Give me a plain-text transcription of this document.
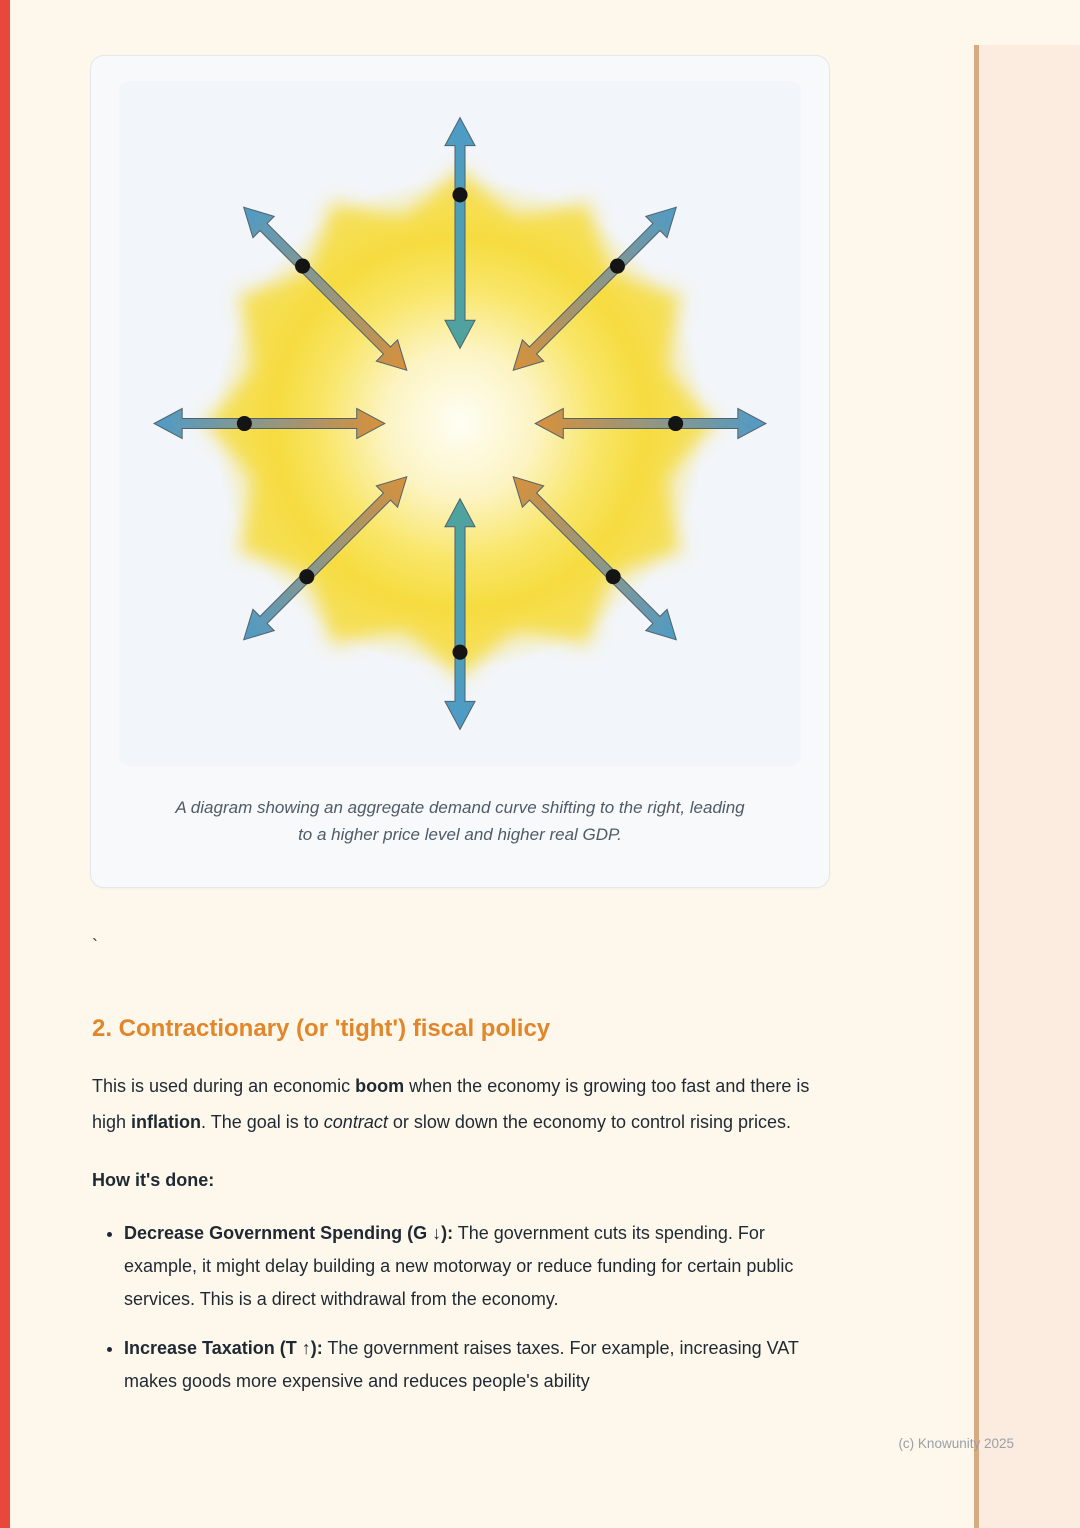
A diagram showing an aggregate demand curve shifting to the right, leading
to a higher price level and higher real GDP.
`
2. Contractionary (or 'tight') fiscal policy

This is used during an economic boom when the economy is growing too fast and there is high inflation. The goal is to contract or slow down the economy to control rising prices.

How it's done:

• Decrease Government Spending (G ↓): The government cuts its spending. For example, it might delay building a new motorway or reduce funding for certain public services. This is a direct withdrawal from the economy.
• Increase Taxation (T ↑): The government raises taxes. For example, increasing VAT makes goods more expensive and reduces people's ability
(c) Knowunity 2025
